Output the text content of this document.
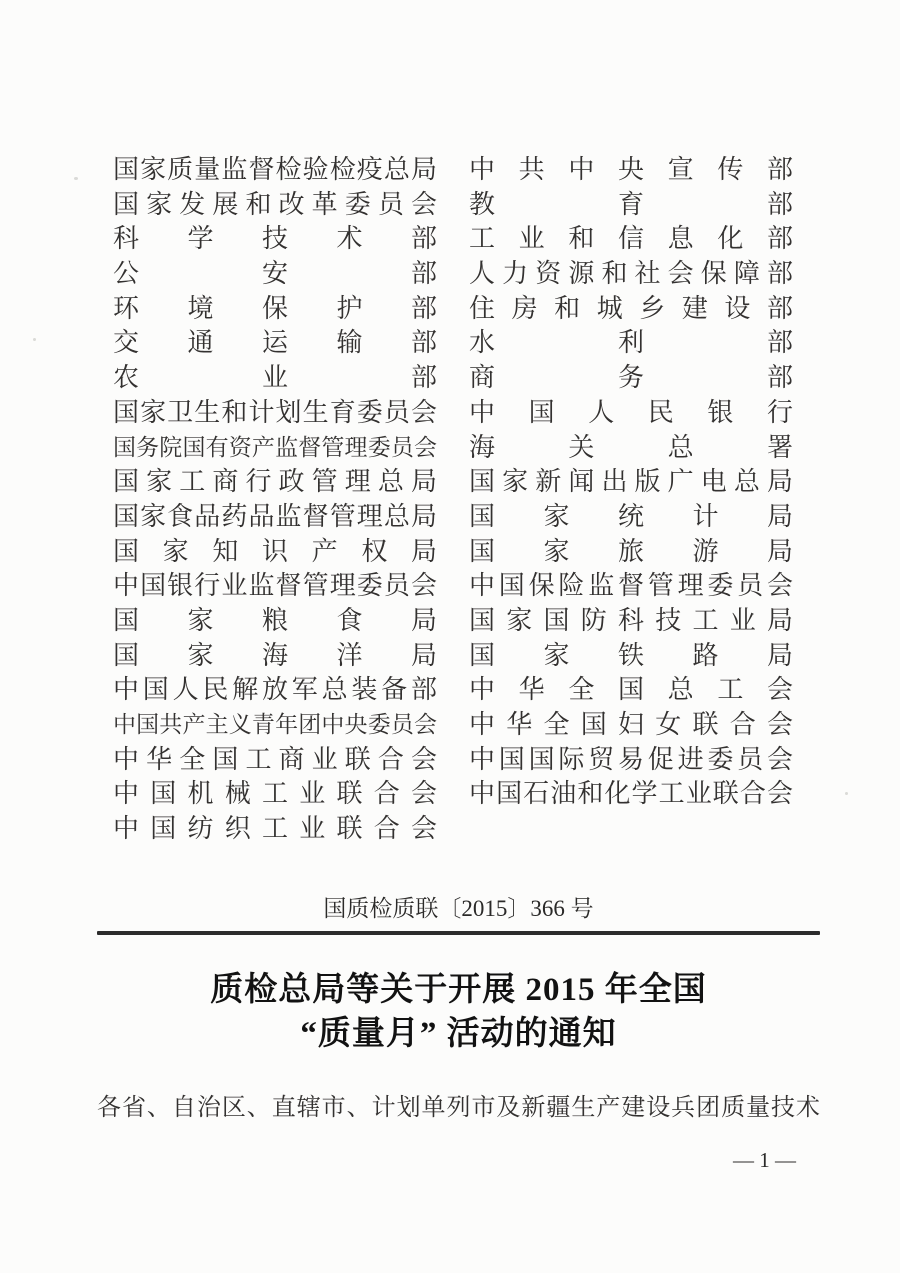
国家质量监督检验检疫总局
国家发展和改革委员会
科学技术部
公安部
环境保护部
交通运输部
农业部
国家卫生和计划生育委员会
国务院国有资产监督管理委员会
国家工商行政管理总局
国家食品药品监督管理总局
国家知识产权局
中国银行业监督管理委员会
国家粮食局
国家海洋局
中国人民解放军总装备部
中国共产主义青年团中央委员会
中华全国工商业联合会
中国机械工业联合会
中国纺织工业联合会
中共中央宣传部
教育部
工业和信息化部
人力资源和社会保障部
住房和城乡建设部
水利部
商务部
中国人民银行
海关总署
国家新闻出版广电总局
国家统计局
国家旅游局
中国保险监督管理委员会
国家国防科技工业局
国家铁路局
中华全国总工会
中华全国妇女联合会
中国国际贸易促进委员会
中国石油和化学工业联合会
国质检质联〔2015〕366 号
质检总局等关于开展 2015 年全国
“质量月” 活动的通知
各省、自治区、直辖市、计划单列市及新疆生产建设兵团质量技术
— 1 —
